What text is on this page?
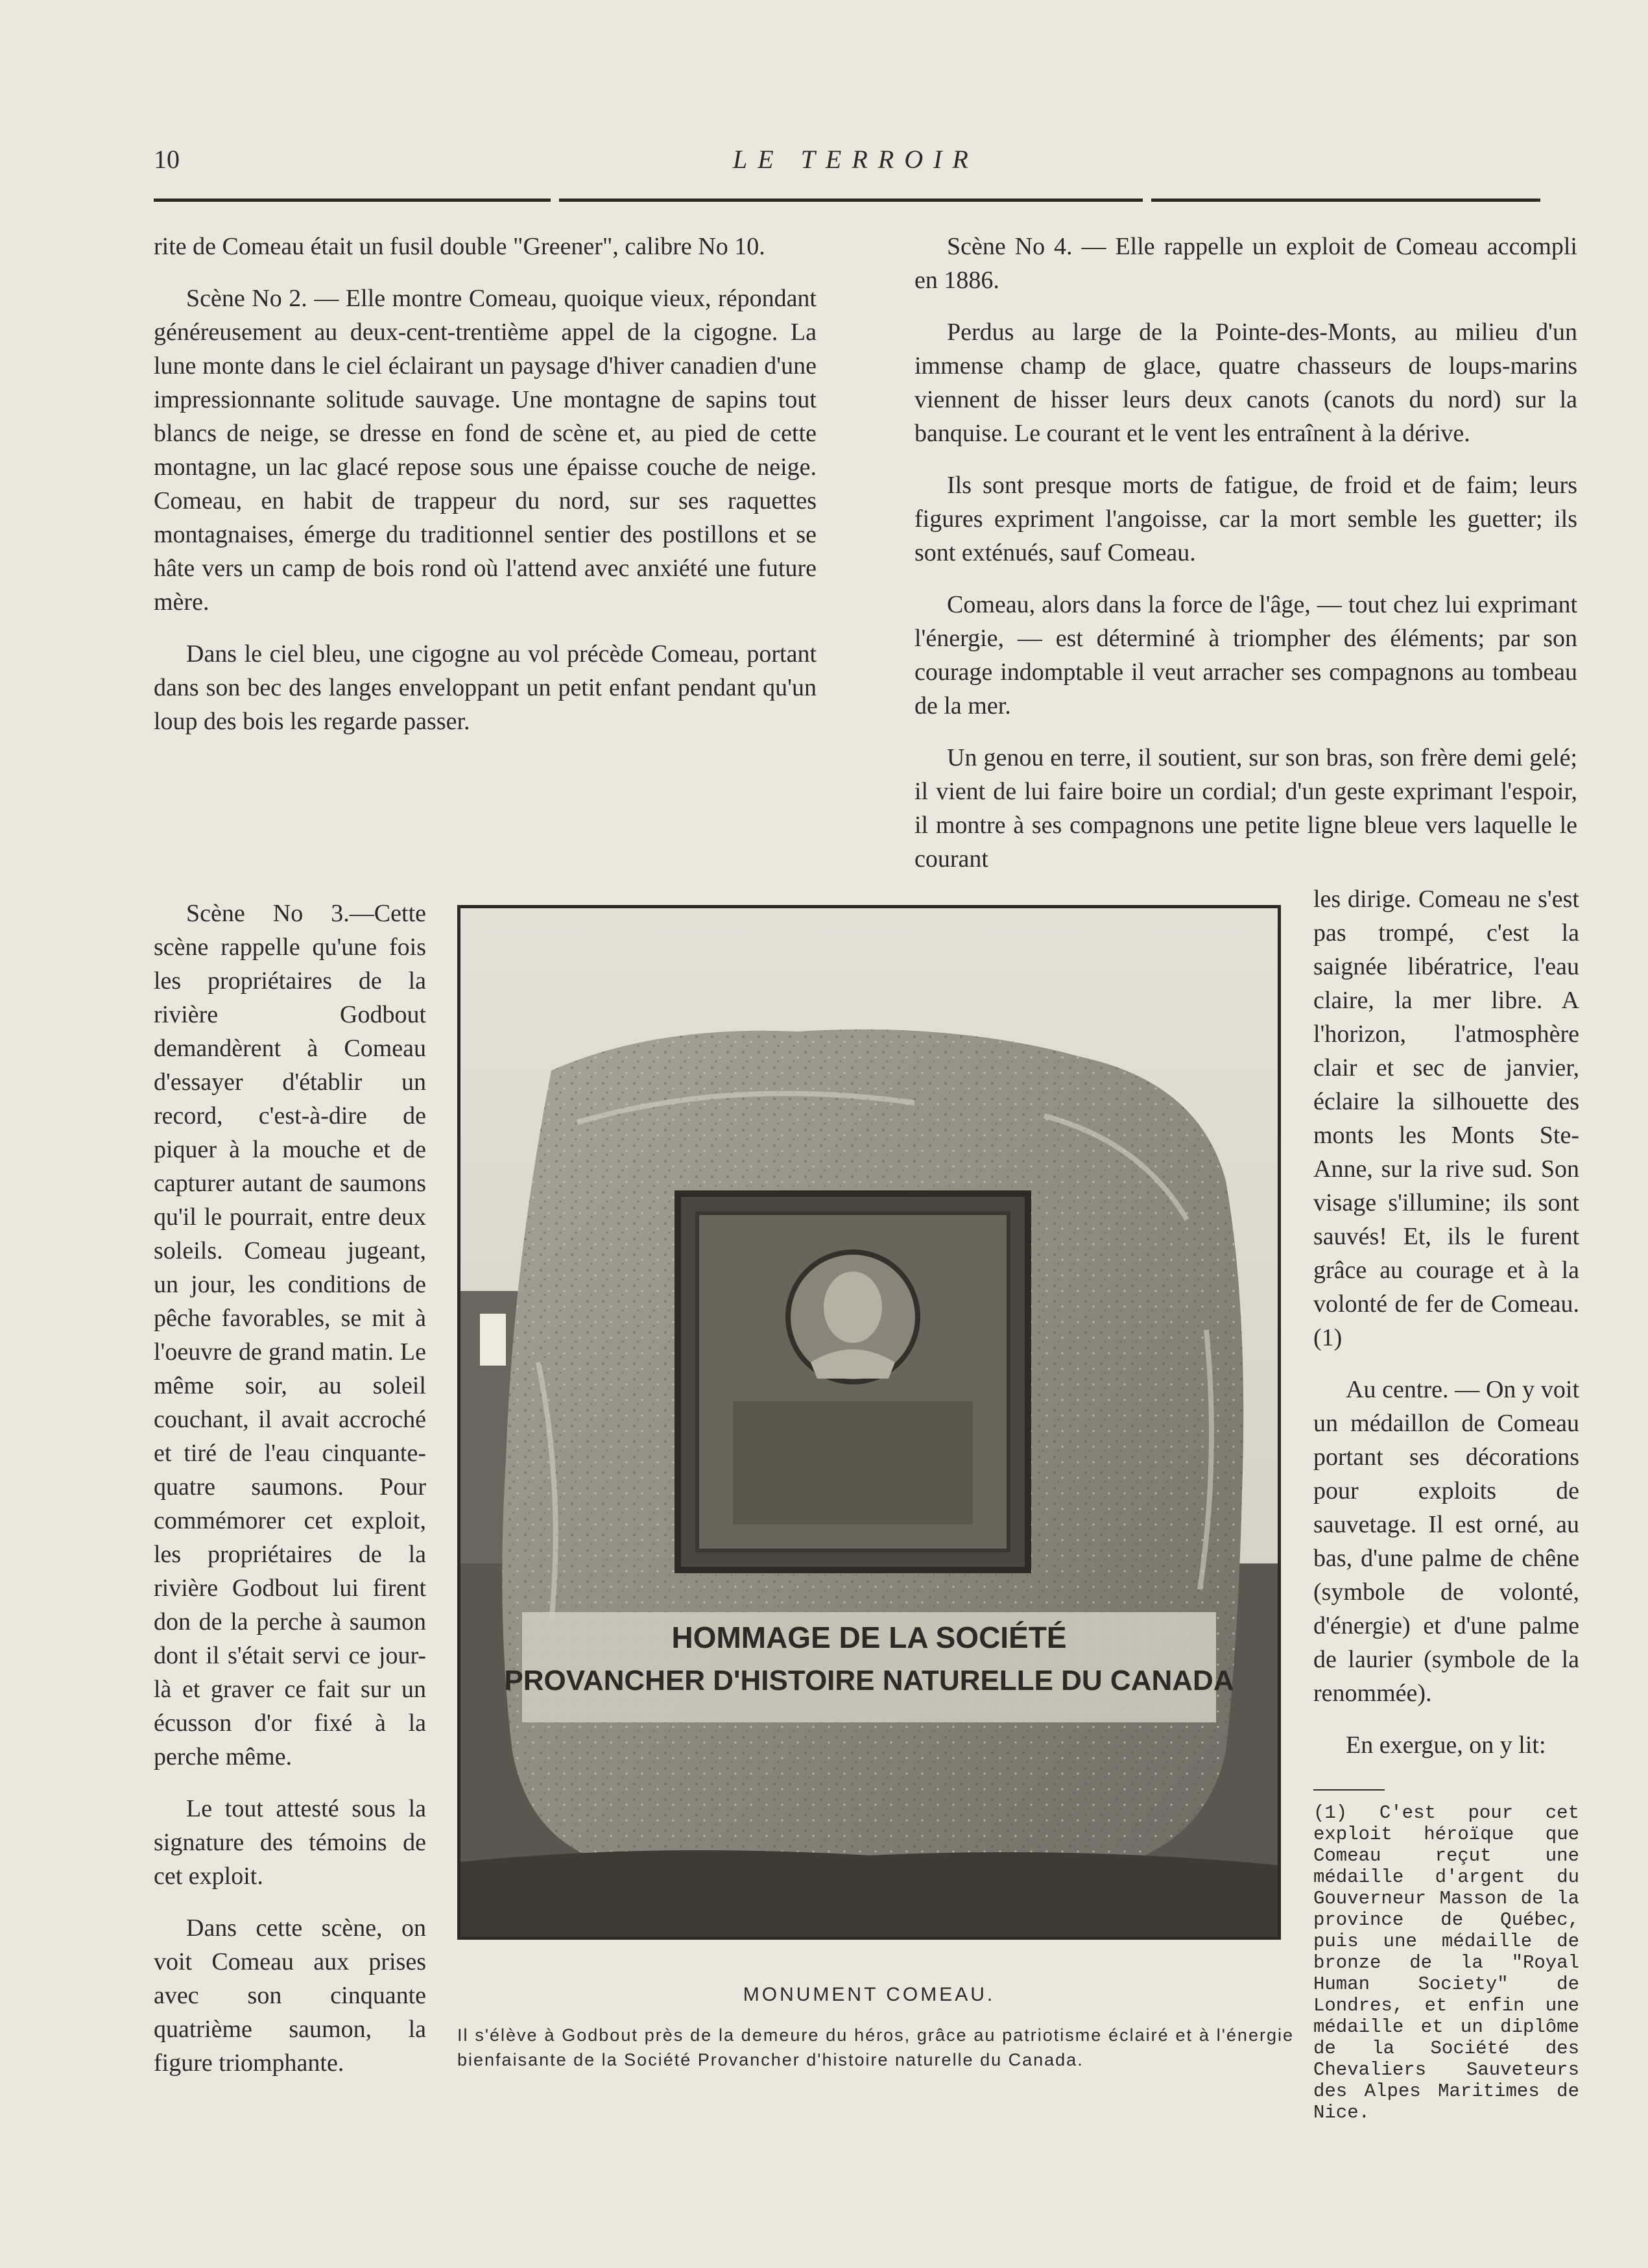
10	LE TERROIR

rite de Comeau était un fusil double "Greener", calibre No 10.

Scène No 2. — Elle montre Comeau, quoique vieux, répondant généreusement au deux-cent-trentième appel de la cigogne. La lune monte dans le ciel éclairant un paysage d'hiver canadien d'une impressionnante solitude sauvage. Une montagne de sapins tout blancs de neige, se dresse en fond de scène et, au pied de cette montagne, un lac glacé repose sous une épaisse couche de neige. Comeau, en habit de trappeur du nord, sur ses raquettes montagnaises, émerge du traditionnel sentier des postillons et se hâte vers un camp de bois rond où l'attend avec anxiété une future mère.

Dans le ciel bleu, une cigogne au vol précède Comeau, portant dans son bec des langes enveloppant un petit enfant pendant qu'un loup des bois les regarde passer.

Scène No 4. — Elle rappelle un exploit de Comeau accompli en 1886.

Perdus au large de la Pointe-des-Monts, au milieu d'un immense champ de glace, quatre chasseurs de loups-marins viennent de hisser leurs deux canots (canots du nord) sur la banquise. Le courant et le vent les entraînent à la dérive.

Ils sont presque morts de fatigue, de froid et de faim; leurs figures expriment l'angoisse, car la mort semble les guetter; ils sont exténués, sauf Comeau.

Comeau, alors dans la force de l'âge, — tout chez lui exprimant l'énergie, — est déterminé à triompher des éléments; par son courage indomptable il veut arracher ses compagnons au tombeau de la mer.

Un genou en terre, il soutient, sur son bras, son frère demi gelé; il vient de lui faire boire un cordial; d'un geste exprimant l'espoir, il montre à ses compagnons une petite ligne bleue vers laquelle le courant

Scène No 3.—Cette scène rappelle qu'une fois les propriétaires de la rivière Godbout demandèrent à Comeau d'essayer d'établir un record, c'est-à-dire de piquer à la mouche et de capturer autant de saumons qu'il le pourrait, entre deux soleils. Comeau jugeant, un jour, les conditions de pêche favorables, se mit à l'oeuvre de grand matin. Le même soir, au soleil couchant, il avait accroché et tiré de l'eau cinquante-quatre saumons. Pour commémorer cet exploit, les propriétaires de la rivière Godbout lui firent don de la perche à saumon dont il s'était servi ce jour-là et graver ce fait sur un écusson d'or fixé à la perche même.

Le tout attesté sous la signature des témoins de cet exploit.

Dans cette scène, on voit Comeau aux prises avec son cinquante quatrième saumon, la figure triomphante.

les dirige. Comeau ne s'est pas trompé, c'est la saignée libératrice, l'eau claire, la mer libre. A l'horizon, l'atmosphère clair et sec de janvier, éclaire la silhouette des monts les Monts Ste-Anne, sur la rive sud. Son visage s'illumine; ils sont sauvés! Et, ils le furent grâce au courage et à la volonté de fer de Comeau. (1)

Au centre. — On y voit un médaillon de Comeau portant ses décorations pour exploits de sauvetage. Il est orné, au bas, d'une palme de chêne (symbole de volonté, d'énergie) et d'une palme de laurier (symbole de la renommée).

En exergue, on y lit:

HOMMAGE DE LA SOCIÉTÉ
PROVANCHER D'HISTOIRE NATURELLE DU CANADA
MONUMENT COMEAU.
Il s'élève à Godbout près de la demeure du héros, grâce au patriotisme éclairé et à l'énergie bienfaisante de la Société Provancher d'histoire naturelle du Canada.
(1) C'est pour cet exploit héroïque que Comeau reçut une médaille d'argent du Gouverneur Masson de la province de Québec, puis une médaille de bronze de la "Royal Human Society" de Londres, et enfin une médaille et un diplôme de la Société des Chevaliers Sauveteurs des Alpes Maritimes de Nice.
